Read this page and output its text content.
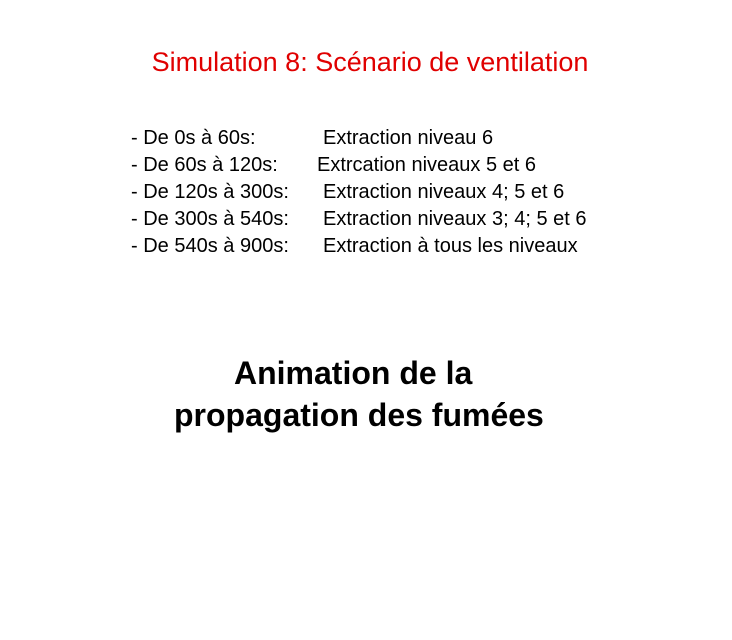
Simulation 8: Scénario de ventilation
- De 0s à 60s:	Extraction niveau 6
- De 60s à 120s:	Extrcation niveaux 5 et 6
- De 120s à 300s:	Extraction niveaux 4; 5 et 6
- De 300s à 540s:	Extraction niveaux 3; 4; 5 et 6
- De 540s à 900s:	Extraction à tous les niveaux
Animation de la
propagation des fumées
